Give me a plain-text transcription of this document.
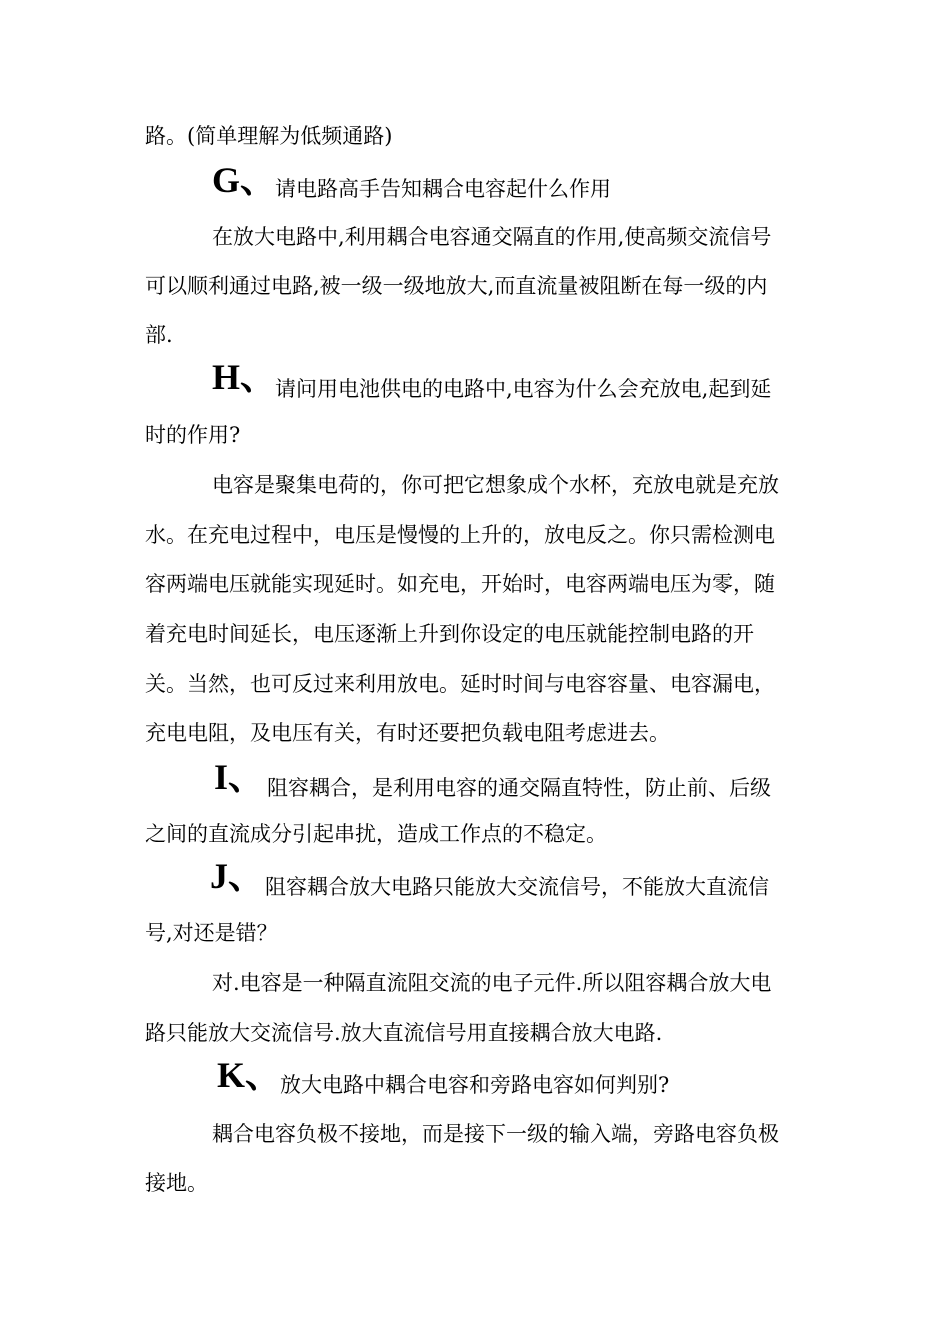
路。(简单理解为低频通路)
G、
请电路高手告知耦合电容起什么作用
在放大电路中,利用耦合电容通交隔直的作用,使高频交流信号
可以顺利通过电路,被一级一级地放大,而直流量被阻断在每一级的内
部.
H、
请问用电池供电的电路中,电容为什么会充放电,起到延
时的作用?
电容是聚集电荷的，你可把它想象成个水杯，充放电就是充放
水。在充电过程中，电压是慢慢的上升的，放电反之。你只需检测电
容两端电压就能实现延时。如充电，开始时，电容两端电压为零，随
着充电时间延长，电压逐渐上升到你设定的电压就能控制电路的开
关。当然，也可反过来利用放电。延时时间与电容容量、电容漏电，
充电电阻，及电压有关，有时还要把负载电阻考虑进去。
I、 阻容耦合，是利用电容的通交隔直特性，防止前、后级
之间的直流成分引起串扰，造成工作点的不稳定。
J、 阻容耦合放大电路只能放大交流信号，不能放大直流信
号,对还是错？
对.电容是一种隔直流阻交流的电子元件.所以阻容耦合放大电
路只能放大交流信号.放大直流信号用直接耦合放大电路.
K、
放大电路中耦合电容和旁路电容如何判别?
耦合电容负极不接地，而是接下一级的输入端，旁路电容负极
接地。
